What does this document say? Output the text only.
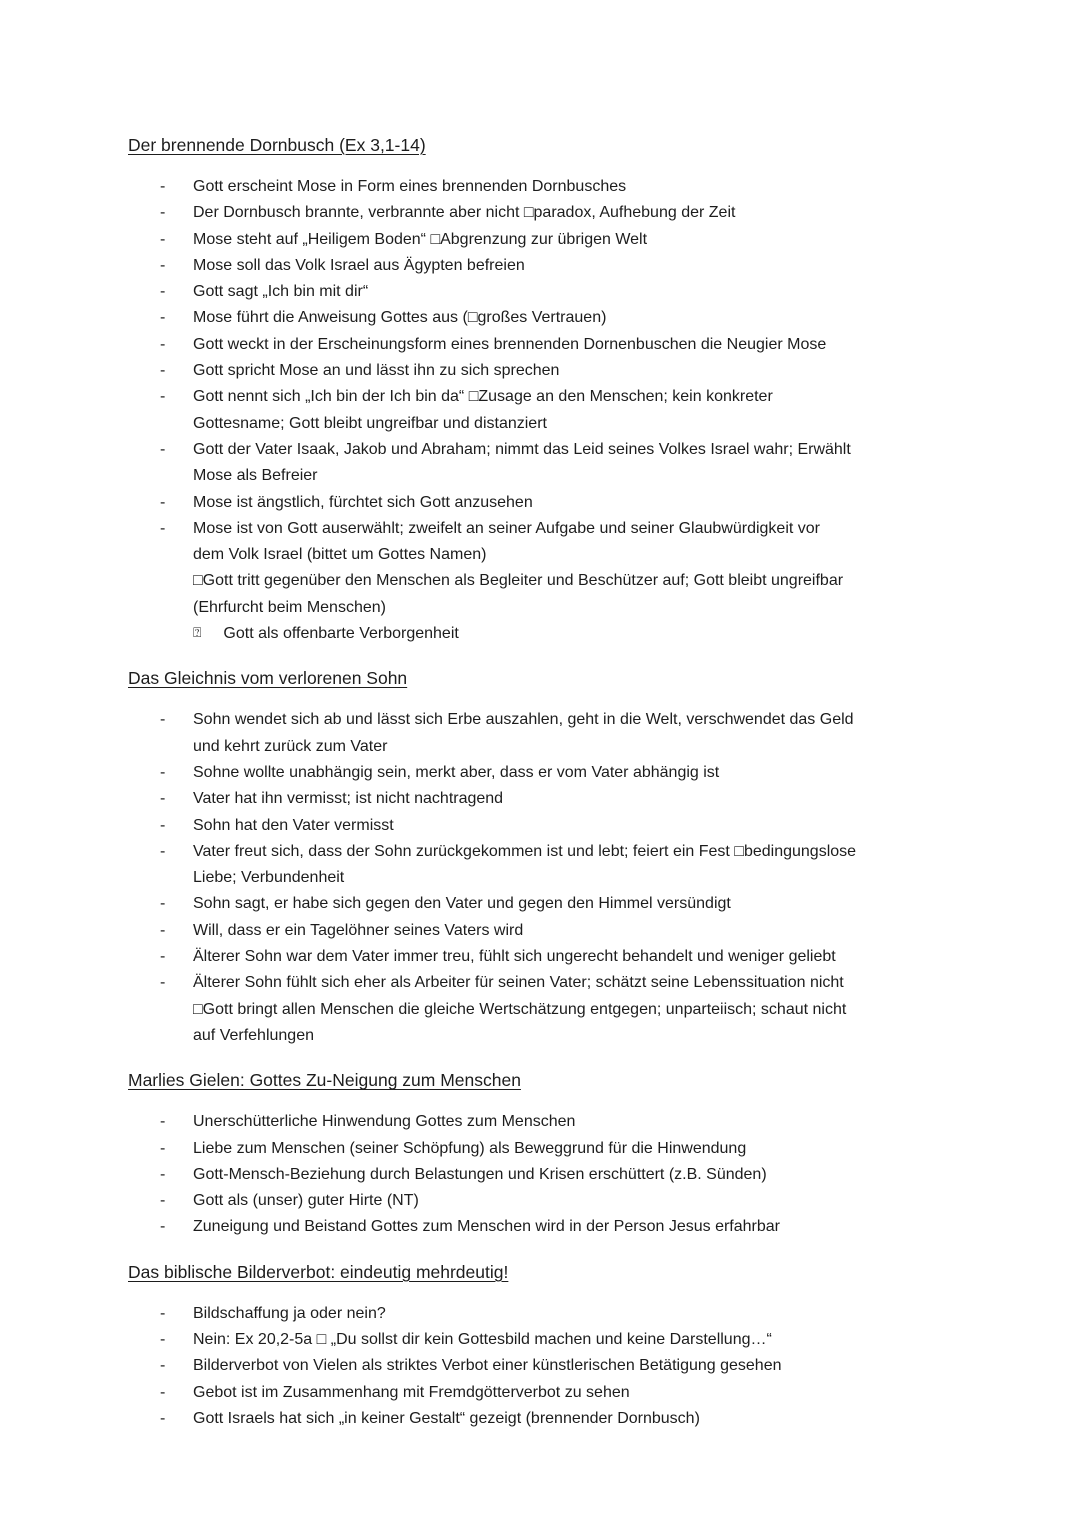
Der brennende Dornbusch (Ex 3,1-14)
-	Gott erscheint Mose in Form eines brennenden Dornbusches
-	Der Dornbusch brannte, verbrannte aber nicht □paradox, Aufhebung der Zeit
-	Mose steht auf „Heiligem Boden“ □Abgrenzung zur übrigen Welt
-	Mose soll das Volk Israel aus Ägypten befreien
-	Gott sagt „Ich bin mit dir“
-	Mose führt die Anweisung Gottes aus (□großes Vertrauen)
-	Gott weckt in der Erscheinungsform eines brennenden Dornenbuschen die Neugier Mose
-	Gott spricht Mose an und lässt ihn zu sich sprechen
-	Gott nennt sich „Ich bin der Ich bin da“ □Zusage an den Menschen; kein konkreter
Gottesname; Gott bleibt ungreifbar und distanziert
-	Gott der Vater Isaak, Jakob und Abraham; nimmt das Leid seines Volkes Israel wahr; Erwählt
Mose als Befreier
-	Mose ist ängstlich, fürchtet sich Gott anzusehen
-	Mose ist von Gott auserwählt; zweifelt an seiner Aufgabe und seiner Glaubwürdigkeit vor
dem Volk Israel (bittet um Gottes Namen)
□Gott tritt gegenüber den Menschen als Begleiter und Beschützer auf; Gott bleibt ungreifbar
(Ehrfurcht beim Menschen)
⍰ Gott als offenbarte Verborgenheit
Das Gleichnis vom verlorenen Sohn
-	Sohn wendet sich ab und lässt sich Erbe auszahlen, geht in die Welt, verschwendet das Geld
und kehrt zurück zum Vater
-	Sohne wollte unabhängig sein, merkt aber, dass er vom Vater abhängig ist
-	Vater hat ihn vermisst; ist nicht nachtragend
-	Sohn hat den Vater vermisst
-	Vater freut sich, dass der Sohn zurückgekommen ist und lebt; feiert ein Fest □bedingungslose
Liebe; Verbundenheit
-	Sohn sagt, er habe sich gegen den Vater und gegen den Himmel versündigt
-	Will, dass er ein Tagelöhner seines Vaters wird
-	Älterer Sohn war dem Vater immer treu, fühlt sich ungerecht behandelt und weniger geliebt
-	Älterer Sohn fühlt sich eher als Arbeiter für seinen Vater; schätzt seine Lebenssituation nicht
□Gott bringt allen Menschen die gleiche Wertschätzung entgegen; unparteiisch; schaut nicht
auf Verfehlungen
Marlies Gielen: Gottes Zu-Neigung zum Menschen
-	Unerschütterliche Hinwendung Gottes zum Menschen
-	Liebe zum Menschen (seiner Schöpfung) als Beweggrund für die Hinwendung
-	Gott-Mensch-Beziehung durch Belastungen und Krisen erschüttert (z.B. Sünden)
-	Gott als (unser) guter Hirte (NT)
-	Zuneigung und Beistand Gottes zum Menschen wird in der Person Jesus erfahrbar
Das biblische Bilderverbot: eindeutig mehrdeutig!
-	Bildschaffung ja oder nein?
-	Nein: Ex 20,2-5a □ „Du sollst dir kein Gottesbild machen und keine Darstellung…“
-	Bilderverbot von Vielen als striktes Verbot einer künstlerischen Betätigung gesehen
-	Gebot ist im Zusammenhang mit Fremdgötterverbot zu sehen
-	Gott Israels hat sich „in keiner Gestalt“ gezeigt (brennender Dornbusch)
